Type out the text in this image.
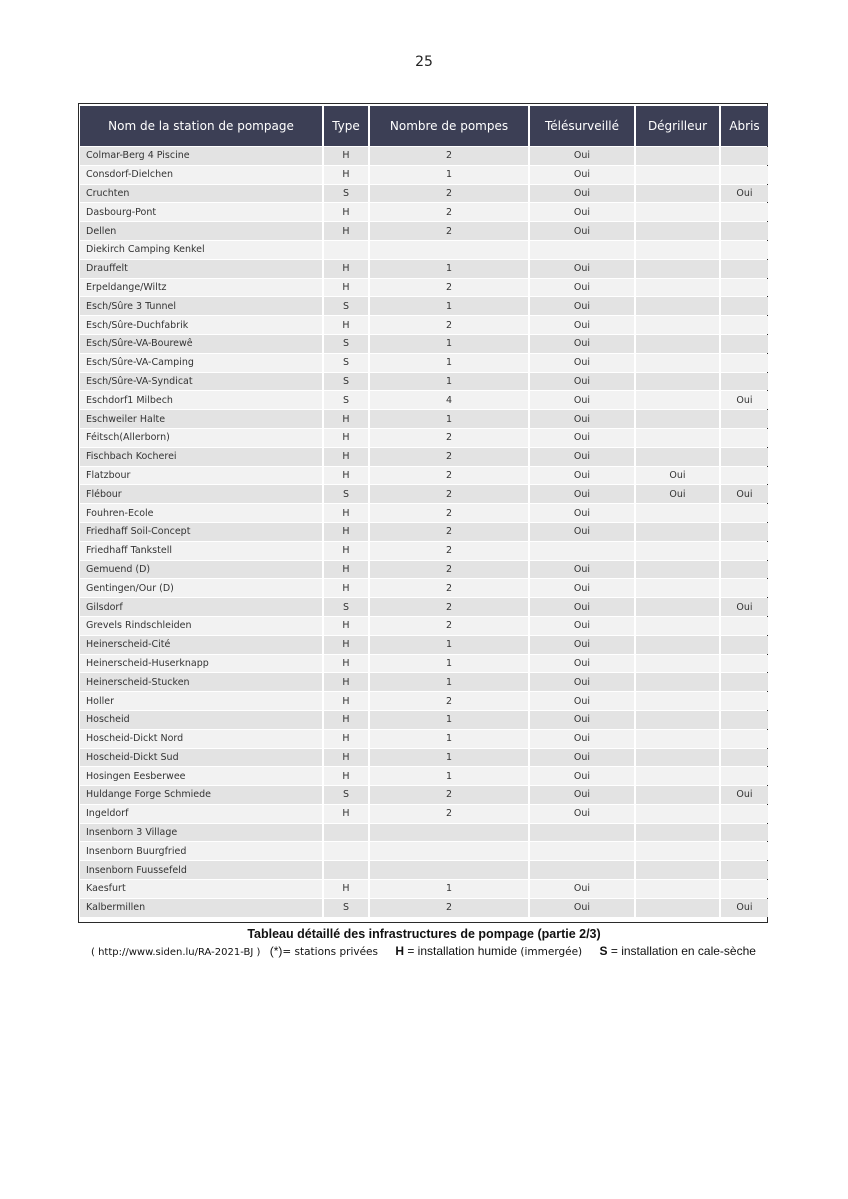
25
Nom de la station de pompage	Type	Nombre de pompes	Télésurveillé	Dégrilleur	Abris
Colmar-Berg 4 Piscine	H	2	Oui		
Consdorf-Dielchen	H	1	Oui		
Cruchten	S	2	Oui		Oui
Dasbourg-Pont	H	2	Oui		
Dellen	H	2	Oui		
Diekirch Camping Kenkel					
Drauffelt	H	1	Oui		
Erpeldange/Wiltz	H	2	Oui		
Esch/Sûre 3 Tunnel	S	1	Oui		
Esch/Sûre-Duchfabrik	H	2	Oui		
Esch/Sûre-VA-Bourewê	S	1	Oui		
Esch/Sûre-VA-Camping	S	1	Oui		
Esch/Sûre-VA-Syndicat	S	1	Oui		
Eschdorf1 Milbech	S	4	Oui		Oui
Eschweiler Halte	H	1	Oui		
Féitsch(Allerborn)	H	2	Oui		
Fischbach Kocherei	H	2	Oui		
Flatzbour	H	2	Oui	Oui	
Flébour	S	2	Oui	Oui	Oui
Fouhren-Ecole	H	2	Oui		
Friedhaff Soil-Concept	H	2	Oui		
Friedhaff Tankstell	H	2			
Gemuend (D)	H	2	Oui		
Gentingen/Our (D)	H	2	Oui		
Gilsdorf	S	2	Oui		Oui
Grevels Rindschleiden	H	2	Oui		
Heinerscheid-Cité	H	1	Oui		
Heinerscheid-Huserknapp	H	1	Oui		
Heinerscheid-Stucken	H	1	Oui		
Holler	H	2	Oui		
Hoscheid	H	1	Oui		
Hoscheid-Dickt Nord	H	1	Oui		
Hoscheid-Dickt Sud	H	1	Oui		
Hosingen Eesberwee	H	1	Oui		
Huldange Forge Schmiede	S	2	Oui		Oui
Ingeldorf	H	2	Oui		
Insenborn 3 Village					
Insenborn Buurgfried					
Insenborn Fuussefeld					
Kaesfurt	H	1	Oui		
Kalbermillen	S	2	Oui		Oui
Tableau détaillé des infrastructures de pompage (partie 2/3)
( http://www.siden.lu/RA-2021-BJ ) (*)= stations privées H = installation humide (immergée) S = installation en cale-sèche
